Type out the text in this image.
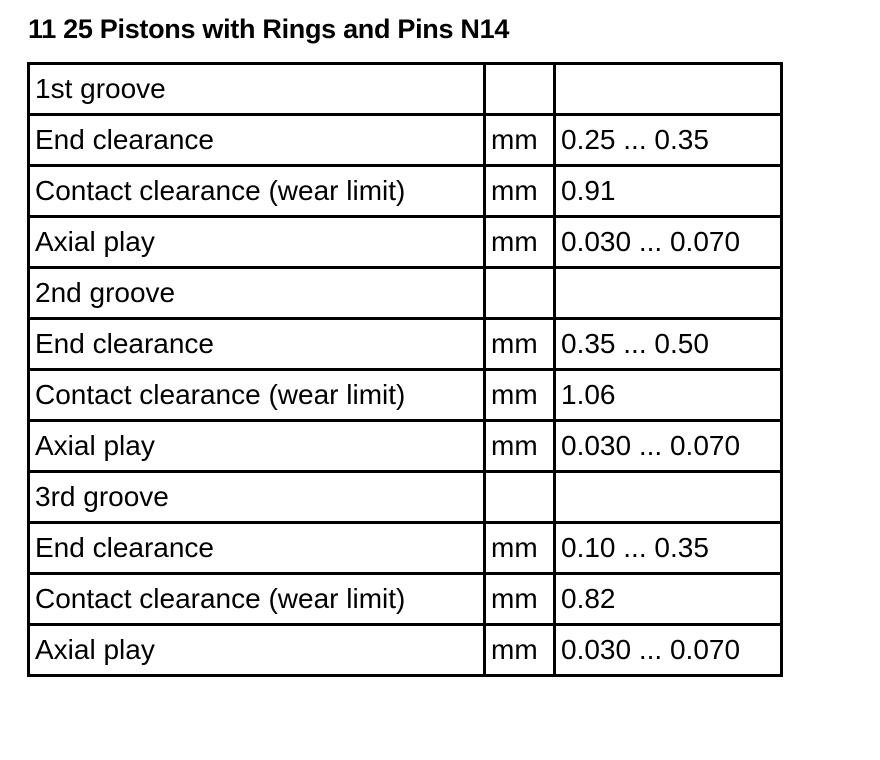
11 25 Pistons with Rings and Pins N14
1st groove		
End clearance	mm	0.25 ... 0.35
Contact clearance (wear limit)	mm	0.91
Axial play	mm	0.030 ... 0.070
2nd groove		
End clearance	mm	0.35 ... 0.50
Contact clearance (wear limit)	mm	1.06
Axial play	mm	0.030 ... 0.070
3rd groove		
End clearance	mm	0.10 ... 0.35
Contact clearance (wear limit)	mm	0.82
Axial play	mm	0.030 ... 0.070
